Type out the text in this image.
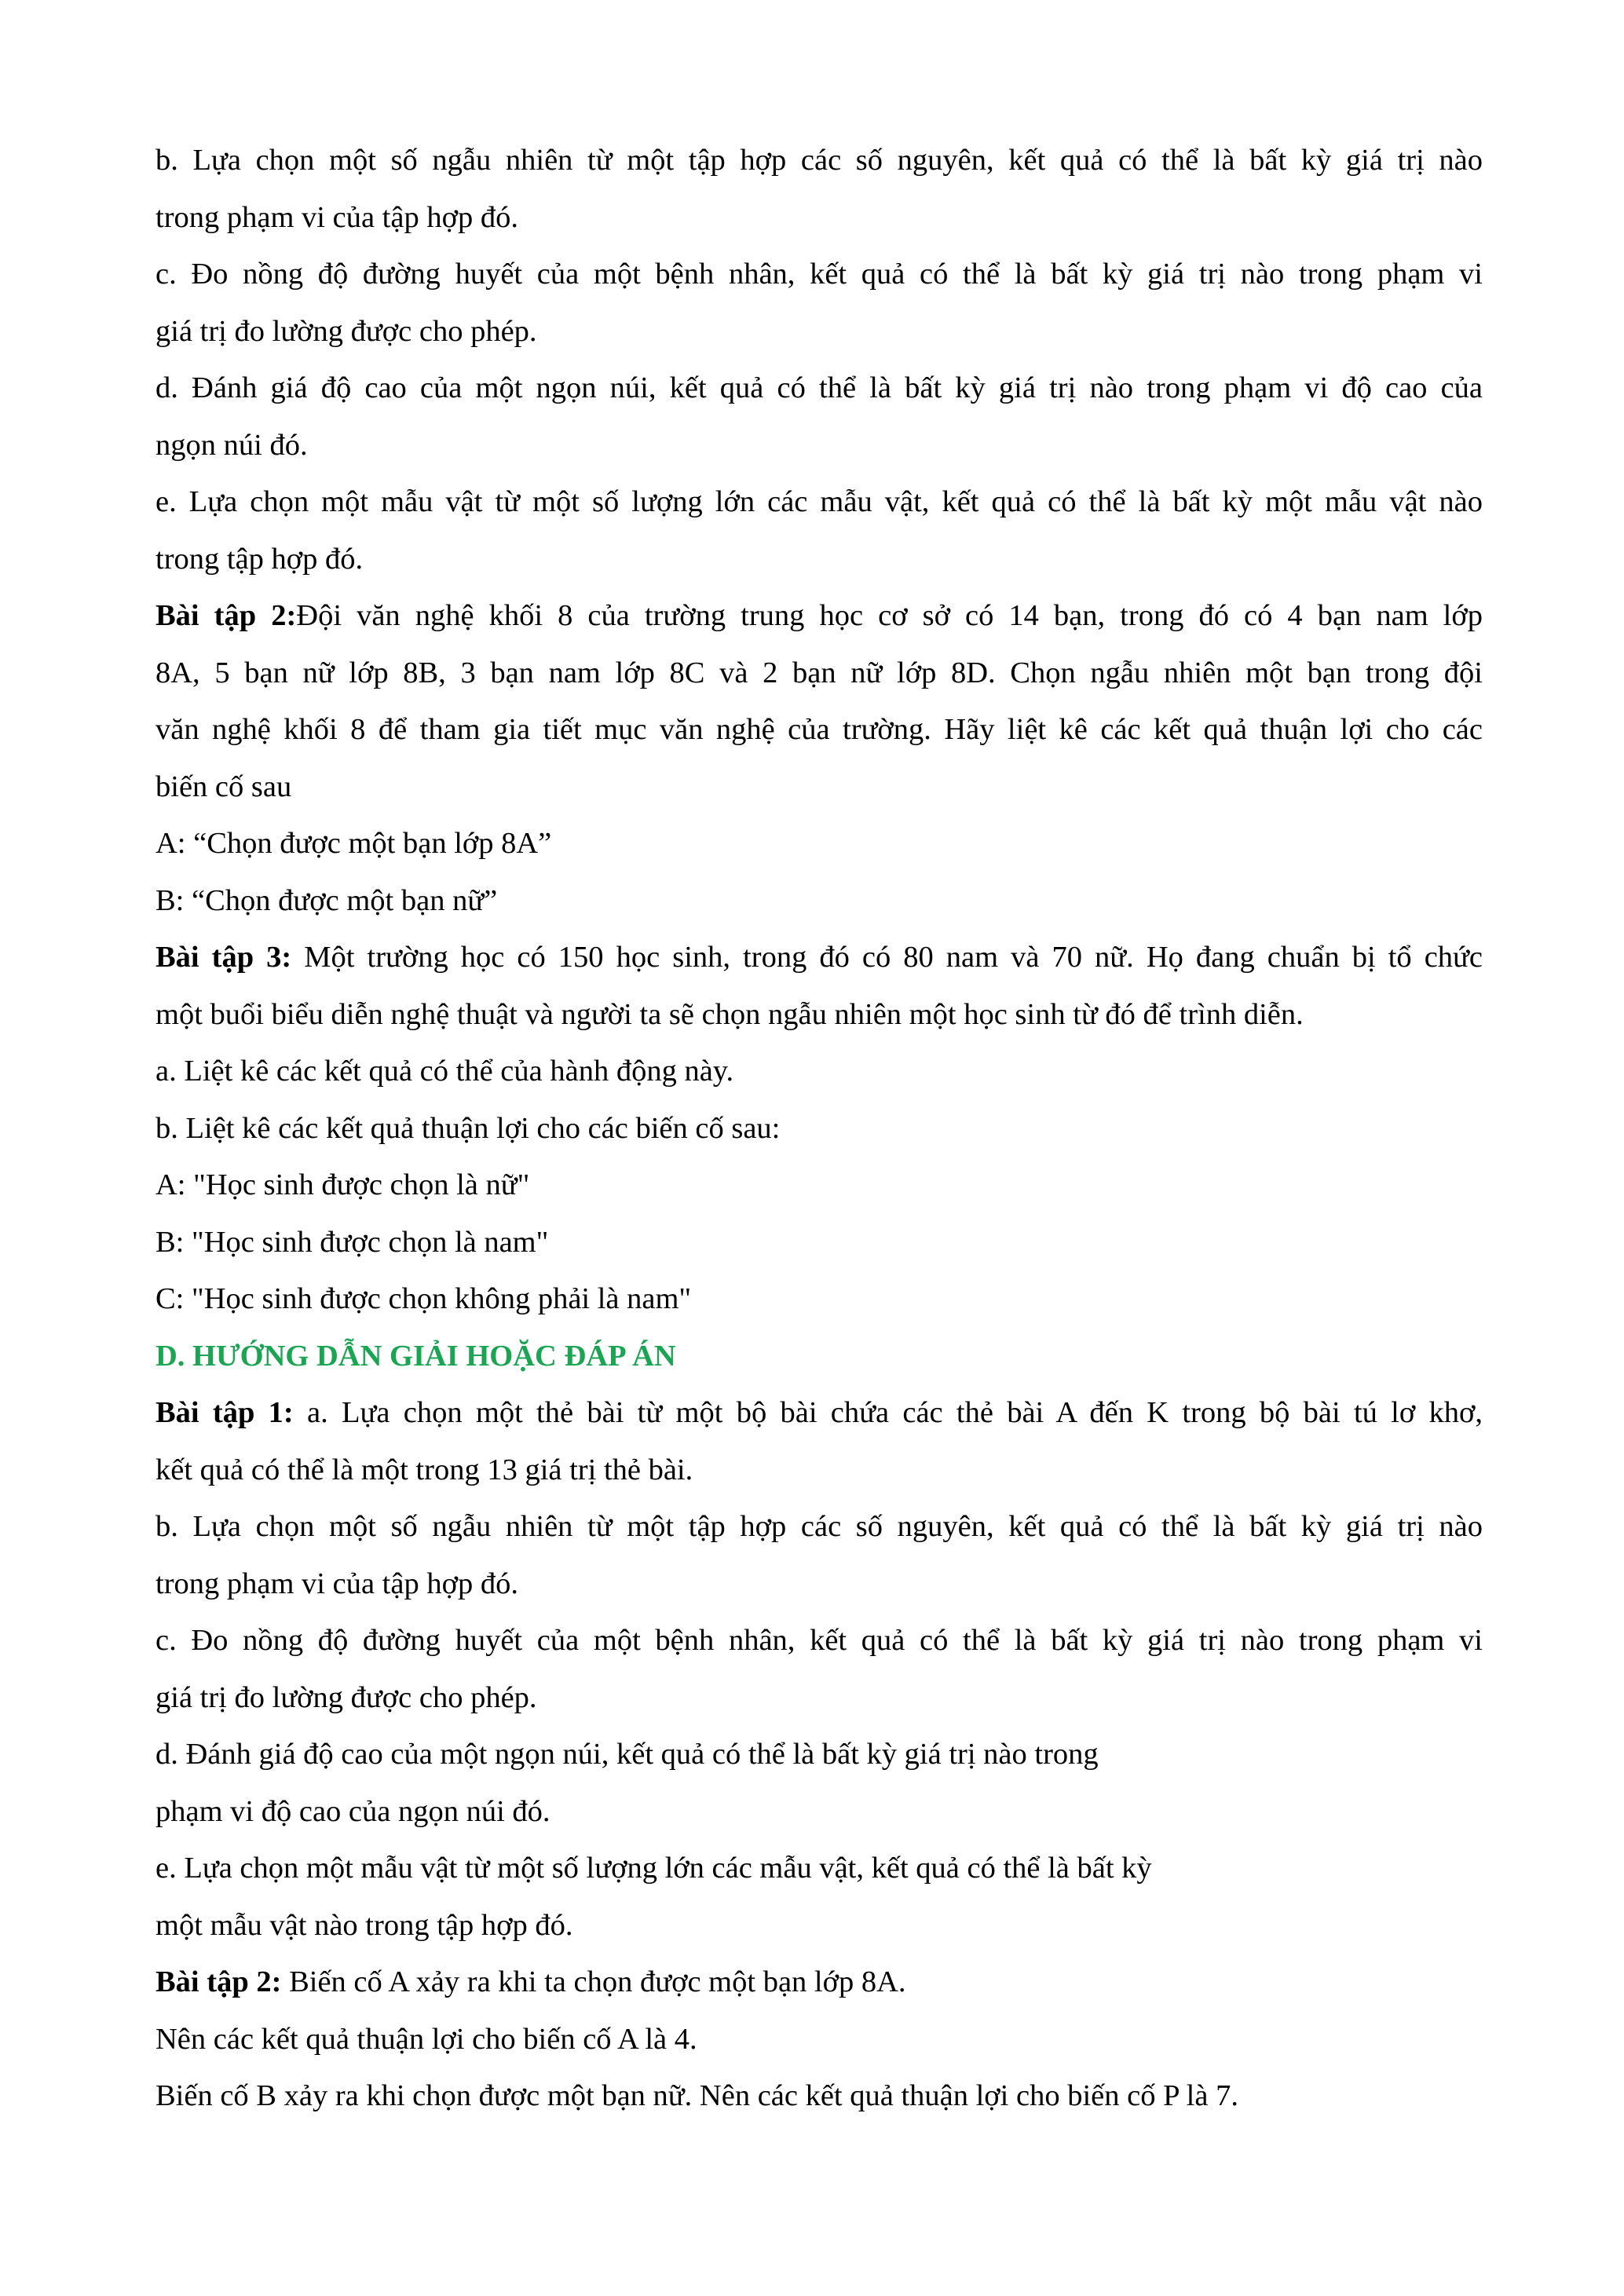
b. Lựa chọn một số ngẫu nhiên từ một tập hợp các số nguyên, kết quả có thể là bất kỳ giá trị nào
trong phạm vi của tập hợp đó.
c. Đo nồng độ đường huyết của một bệnh nhân, kết quả có thể là bất kỳ giá trị nào trong phạm vi
giá trị đo lường được cho phép.
d. Đánh giá độ cao của một ngọn núi, kết quả có thể là bất kỳ giá trị nào trong phạm vi độ cao của
ngọn núi đó.
e. Lựa chọn một mẫu vật từ một số lượng lớn các mẫu vật, kết quả có thể là bất kỳ một mẫu vật nào
trong tập hợp đó.
Bài tập 2:Đội văn nghệ khối 8 của trường trung học cơ sở có 14 bạn, trong đó có 4 bạn nam lớp
8A, 5 bạn nữ lớp 8B, 3 bạn nam lớp 8C và 2 bạn nữ lớp 8D. Chọn ngẫu nhiên một bạn trong đội
văn nghệ khối 8 để tham gia tiết mục văn nghệ của trường. Hãy liệt kê các kết quả thuận lợi cho các
biến cố sau
A: “Chọn được một bạn lớp 8A”
B: “Chọn được một bạn nữ”
Bài tập 3: Một trường học có 150 học sinh, trong đó có 80 nam và 70 nữ. Họ đang chuẩn bị tổ chức
một buổi biểu diễn nghệ thuật và người ta sẽ chọn ngẫu nhiên một học sinh từ đó để trình diễn.
a. Liệt kê các kết quả có thể của hành động này.
b. Liệt kê các kết quả thuận lợi cho các biến cố sau:
A: "Học sinh được chọn là nữ"
B: "Học sinh được chọn là nam"
C: "Học sinh được chọn không phải là nam"
D. HƯỚNG DẪN GIẢI HOẶC ĐÁP ÁN
Bài tập 1: a. Lựa chọn một thẻ bài từ một bộ bài chứa các thẻ bài A đến K trong bộ bài tú lơ khơ,
kết quả có thể là một trong 13 giá trị thẻ bài.
b. Lựa chọn một số ngẫu nhiên từ một tập hợp các số nguyên, kết quả có thể là bất kỳ giá trị nào
trong phạm vi của tập hợp đó.
c. Đo nồng độ đường huyết của một bệnh nhân, kết quả có thể là bất kỳ giá trị nào trong phạm vi
giá trị đo lường được cho phép.
d. Đánh giá độ cao của một ngọn núi, kết quả có thể là bất kỳ giá trị nào trong
phạm vi độ cao của ngọn núi đó.
e. Lựa chọn một mẫu vật từ một số lượng lớn các mẫu vật, kết quả có thể là bất kỳ
một mẫu vật nào trong tập hợp đó.
Bài tập 2: Biến cố A xảy ra khi ta chọn được một bạn lớp 8A.
Nên các kết quả thuận lợi cho biến cố A là 4.
Biến cố B xảy ra khi chọn được một bạn nữ. Nên các kết quả thuận lợi cho biến cố P là 7.
